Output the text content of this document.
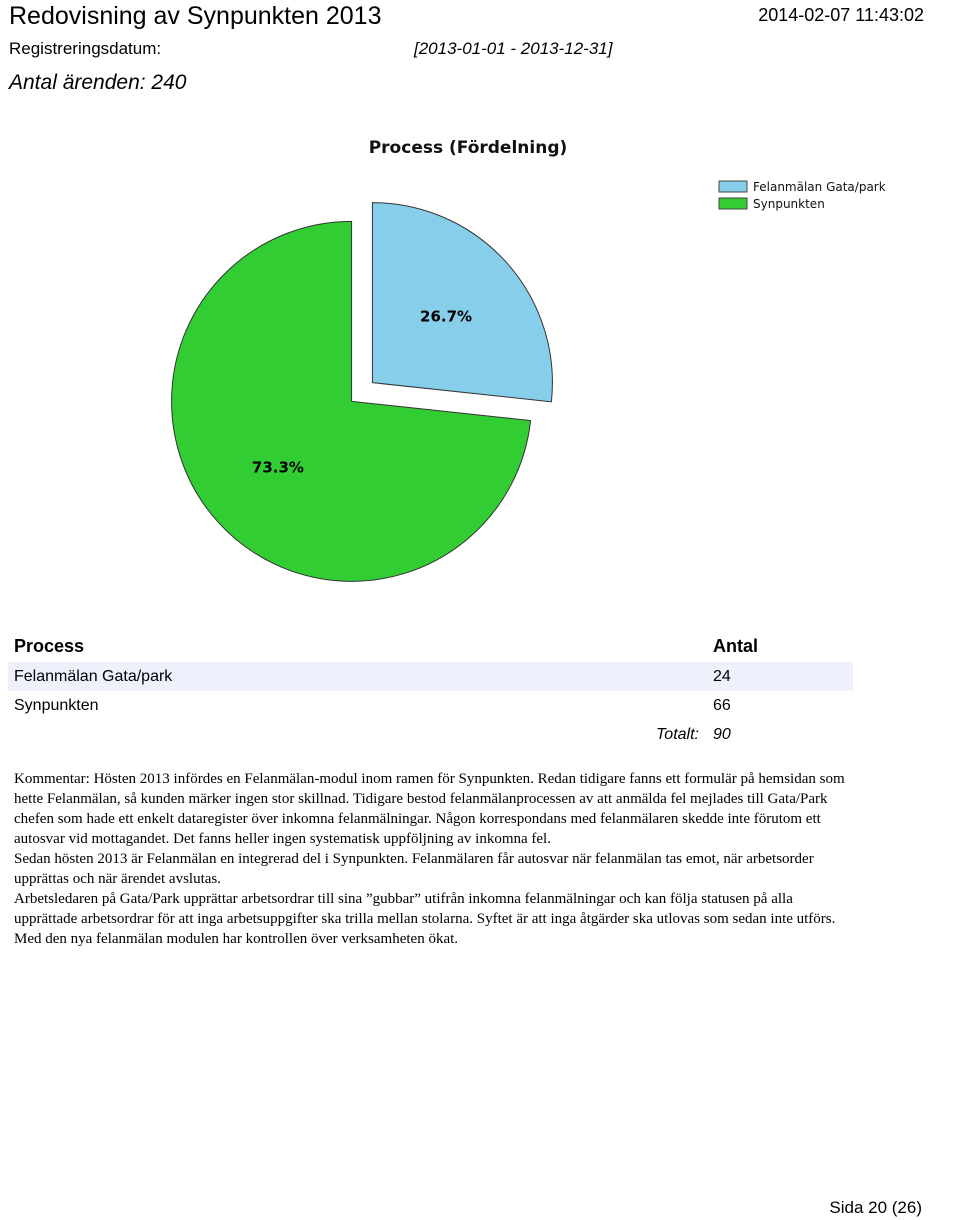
Redovisning av Synpunkten 2013	2014-02-07 11:43:02
Registreringsdatum:	[2013-01-01 - 2013-12-31]
Antal ärenden: 240
Process (Fördelning)
26.7%
73.3%
Felanmälan Gata/park
Synpunkten
Process	Antal
Felanmälan Gata/park	24
Synpunkten	66
Totalt: 90

Kommentar: Hösten 2013 infördes en Felanmälan-modul inom ramen för Synpunkten. Redan tidigare fanns ett formulär på hemsidan som hette Felanmälan, så kunden märker ingen stor skillnad. Tidigare bestod felanmälanprocessen av att anmälda fel mejlades till Gata/Park chefen som hade ett enkelt dataregister över inkomna felanmälningar. Någon korrespondans med felanmälaren skedde inte förutom ett autosvar vid mottagandet. Det fanns heller ingen systematisk uppföljning av inkomna fel.

Sedan hösten 2013 är Felanmälan en integrerad del i Synpunkten. Felanmälaren får autosvar när felanmälan tas emot, när arbetsorder upprättas och när ärendet avslutas.

Arbetsledaren på Gata/Park upprättar arbetsordrar till sina ”gubbar” utifrån inkomna felanmälningar och kan följa statusen på alla upprättade arbetsordrar för att inga arbetsuppgifter ska trilla mellan stolarna. Syftet är att inga åtgärder ska utlovas som sedan inte utförs. Med den nya felanmälan modulen har kontrollen över verksamheten ökat.

Sida 20 (26)
